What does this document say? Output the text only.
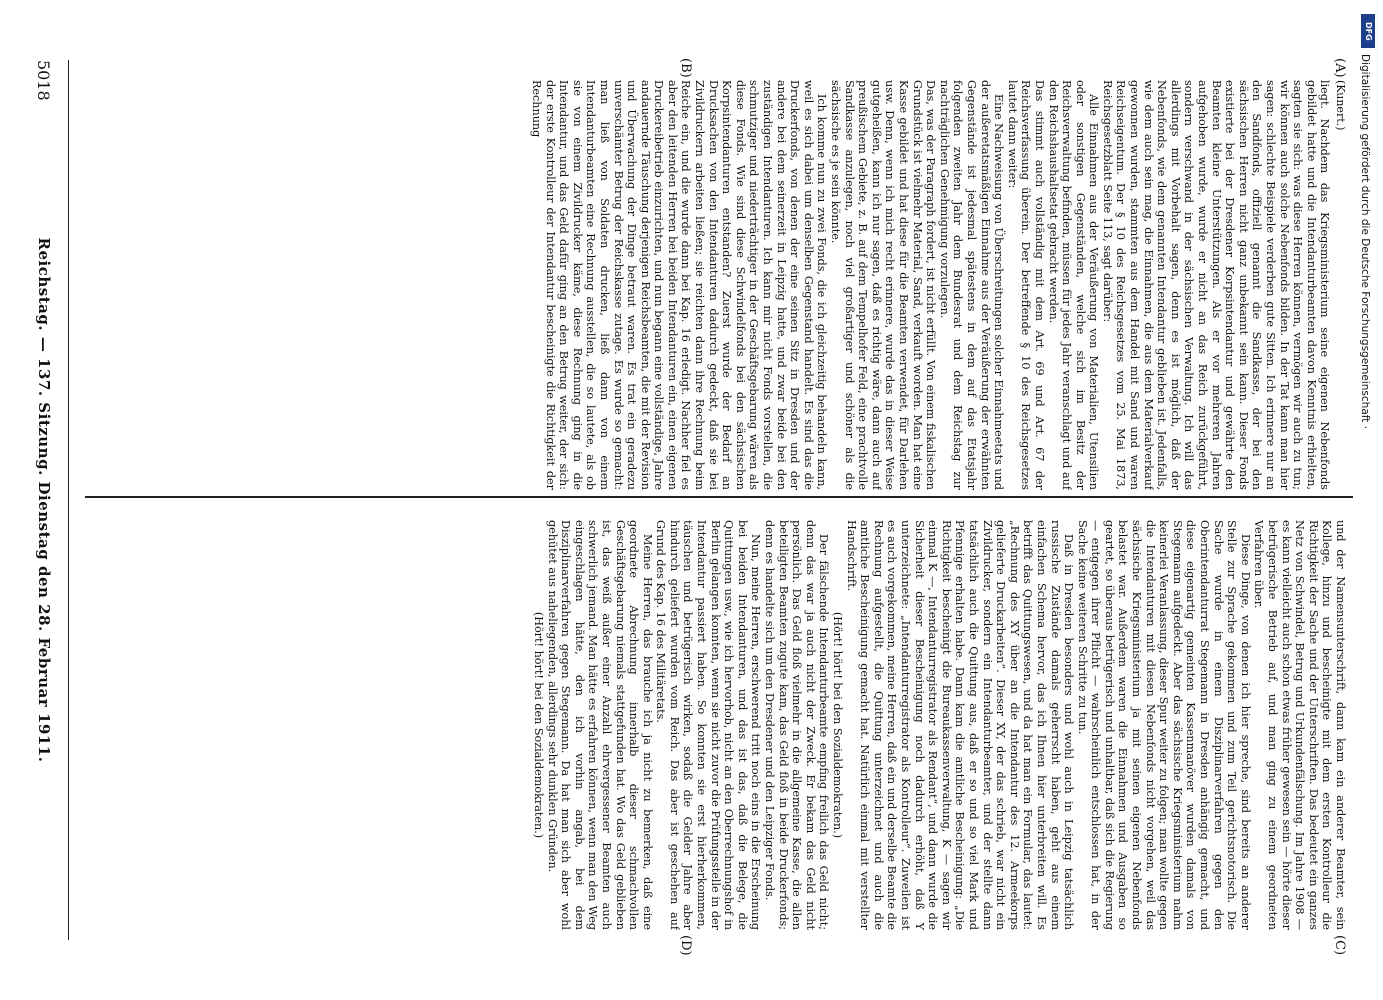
(Kunert.)

liegt. Nachdem das Kriegsministerium seine eigenen Nebenfonds gebildet hatte und die Intendanturbeamten davon Kenntnis erhielten, sagten sie sich: was diese Herren können, vermögen wir auch zu tun; wir können auch solche Nebenfonds bilden. In der Tat kann man hier sagen: schlechte Beispiele verderben gute Sitten. Ich erinnere nur an den Sandfonds, offiziell genannt die Sandkasse, der bei den sächsischen Herren nicht ganz unbekannt sein kann. Dieser Fonds existierte bei der Dresdener Korpsintendantur und gewährte den Beamten kleine Unterstützungen. Als er vor mehreren Jahren aufgehoben wurde, wurde er nicht an das Reich zurückgeführt, sondern verschwand in der sächsischen Verwaltung. Ich will das allerdings mit Vorbehalt sagen, denn es ist möglich, daß der Nebenfonds, wie dem genannten Intendantur geblieben ist. Jedenfalls, wie dem auch sein mag, die Einnahmen, die aus dem Materialverkauf gewonnen wurden, stammten aus dem Handel mit Sand und waren Reichseigentum. Der § 10 des Reichsgesetzes vom 25. Mai 1873, Reichsgesetzblatt Seite 113, sagt darüber:

Alle Einnahmen aus der Veräußerung von Materialien, Utensilien oder sonstigen Gegenständen, welche sich im Besitz der Reichsverwaltung befinden, müssen für jedes Jahr veranschlagt und auf den Reichshaushaltsetat gebracht werden.

Das stimmt auch vollständig mit dem Art. 69 und Art. 67 der Reichsverfassung überein. Der betreffende § 10 des Reichsgesetzes lautet dann weiter:

Eine Nachweisung von Überschreitungen solcher Einnahmeetats und der außeretatsmäßigen Einnahme aus der Veräußerung der erwähnten Gegenstände ist jedesmal spätestens in dem auf das Etatsjahr folgenden zweiten Jahr dem Bundesrat und dem Reichstag zur nachträglichen Genehmigung vorzulegen.

Das, was der Paragraph fordert, ist nicht erfüllt. Von einem fiskalischen Grundstück ist vielmehr Material, Sand, verkauft worden. Man hat eine Kasse gebildet und hat diese für die Beamten verwendet, für Darlehen usw. Denn, wenn ich mich recht erinnere, wurde das in dieser Weise gutgeheißen, kann ich nur sagen, daß es richtig wäre, dann auch auf preußischem Gebiete, z. B. auf dem Tempelhofer Feld, eine prachtvolle Sandkasse anzulegen, noch viel großartiger und schöner als die sächsische es je sein könnte.

Ich komme nun zu zwei Fonds, die ich gleichzeitig behandeln kann, weil es sich dabei um denselben Gegenstand handelt. Es sind das die Druckerfonds, von denen der eine seinen Sitz in Dresden und der andere bei dem seinerzeit in Leipzig hatte, und zwar beide bei den zuständigen Intendanturen. Ich kann mir nicht Fonds vorstellen, die schmutziger und niederträchtiger in der Geschäftsgebarung wären als diese Fonds. Wie sind diese Schwindelfonds bei den sächsischen Korpsintendanturen entstanden? Zuerst wurde der Bedarf an Drucksachen von den Intendanturen dadurch gedeckt, daß sie bei Zivildruckern arbeiten ließen; sie reichten dann ihre Rechnung beim Reiche ein, und die wurde dann bei Kap. 16 erledigt. Nachher fiel es aber den leitenden Herren bei beiden Intendanturen ein, einen eigenen Druckereibetrieb einzurichten, und nun begann eine vollständige, Jahre andauernde Täuschung derjenigen Reichsbeamten, die mit der Revision und Überwachung der Dinge betraut waren. Es trat ein geradezu unverschämter Betrug der Reichskasse zutage. Es wurde so gemacht: man ließ von Soldaten drucken, ließ dann von einem Intendanturbeamten eine Rechnung ausstellen, die so lautete, als ob sie von einem Zivildrucker käme, diese Rechnung ging in die Intendantur, und das Geld dafür ging an den Betrug weiter, der sich: der erste Kontrolleur der Intendantur bescheinigte die Richtigkeit der Rechnung

und der Namensunterschrift, dann kam ein anderer Beamter, sein Kollege, hinzu und bescheinigte mit dem ersten Kontrolleur die Richtigkeit der Sache und der Unterschriften. Das bedeutet ein ganzes Netz von Schwindel, Betrug und Urkundenfälschung. Im Jahre 1908 — es kann vielleicht auch schon etwas früher gewesen sein — hörte dieser betrügerische Betrieb auf, und man ging zu einem geordneten Verfahren über.

Diese Dinge, von denen ich hier spreche, sind bereits an anderer Stelle zur Sprache gekommen und zum Teil gerichtsnotorisch. Die Sache wurde in einem Disziplinarverfahren gegen den Oberintendanturrat Stegemann in Dresden anhängig gemacht, und diese eigenartig gemeinten Kassenmanöver wurden damals von Stegemann aufgedeckt. Aber das sächsische Kriegsministerium nahm keinerlei Veranlassung, dieser Spur weiter zu folgen; man wollte gegen die Intendanturen mit diesen Nebenfonds nicht vorgehen, weil das sächsische Kriegsministerium ja mit seinen eigenen Nebenfonds belastet war. Außerdem waren die Einnahmen und Ausgaben so geartet, so überaus betrügerisch und unhaltbar, daß sich die Regierung — entgegen ihrer Pflicht — wahrscheinlich entschlossen hat, in der Sache keine weiteren Schritte zu tun.

Daß in Dresden besonders und wohl auch in Leipzig tatsächlich russische Zustände damals geherrscht haben, geht aus einem einfachen Schema hervor, das ich Ihnen hier unterbreiten will. Es betrifft das Quittungswesen, und da hat man ein Formular, das lautet: „Rechnung des XY über an die Intendantur des 12. Armeekorps gelieferte Druckarbeiten“. Dieser XY, der das schrieb, war nicht ein Zivildrucker, sondern ein Intendanturbeamter, und der stellte dann tatsächlich auch die Quittung aus, daß er so und so viel Mark und Pfennige erhalten habe. Dann kam die amtliche Bescheinigung: „Die Richtigkeit bescheinigt die Bureaukassenverwaltung, K — sagen wir einmal K —, Intendanturregistrator als Rendant“, und dann wurde die Sicherheit dieser Bescheinigung noch dadurch erhöht, daß Y unterzeichnete: „Intendanturregistrator als Kontrolleur“. Zuweilen ist es auch vorgekommen, meine Herren, daß ein und derselbe Beamte die Rechnung aufgestellt, die Quittung unterzeichnet und auch die amtliche Bescheinigung gemacht hat. Natürlich einmal mit verstellter Handschrift.

(Hört! hört! bei den Sozialdemokraten.)

Der fälschende Intendanturbeamte empfing freilich das Geld nicht; denn das war ja auch nicht der Zweck. Er bekam das Geld nicht persönlich. Das Geld floß vielmehr in die allgemeine Kasse, die allen beteiligten Beamten zugute kam, das Geld floß in beide Druckerfonds; denn es handelte sich um den Dresdener und den Leipziger Fonds.

Nun, meine Herren, erschwerend tritt noch eins in die Erscheinung bei beiden Intendanturen, und das ist das, daß die Belege, die Quittungen usw., wie ich hervorhob, nicht an den Oberrechnungshof in Berlin gelangen konnten, wenn sie nicht zuvor die Prüfungsstelle in der Intendantur passiert haben. So konnten sie erst hierherkommen, täuschen und betrügerisch wirken, sodaß die Gelder Jahre aber hindurch geliefert wurden vom Reich. Das aber ist geschehen auf Grund des Kap. 16 des Militäretats.

Meine Herren, das brauche ich ja nicht zu bemerken, daß eine geordnete Abrechnung innerhalb dieser schmachvollen Geschäftsgebarung niemals stattgefunden hat. Wo das Geld geblieben ist, das weiß außer einer Anzahl ehrvergessener Beamten auch schwerlich jemand. Man hätte es erfahren können, wenn man den Weg eingeschlagen hätte, den ich vorhin angab, bei dem Disziplinarverfahren gegen Stegemann. Da hat man sich aber wohl gehütet aus naheliegenden, allerdings sehr dunklen Gründen.

(Hört! hört! bei den Sozialdemokraten.)

(A)
(B)
(C)
(D)
5018
Reichstag. — 137. Sitzung. Dienstag den 28. Februar 1911.
DFG
Digitalisierung gefördert durch die Deutsche Forschungsgemeinschaft ·
